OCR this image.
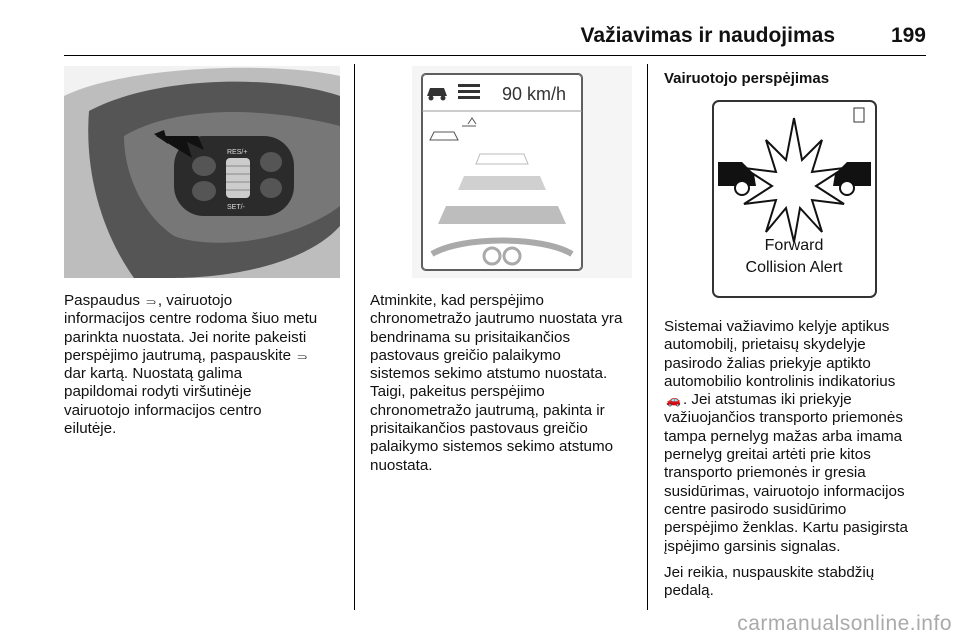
Važiavimas ir naudojimas	199
RES/+
SET/-
Paspaudus ⥰ , vairuotojo
informacijos centre rodoma šiuo metu
parinkta nuostata. Jei norite pakeisti
perspėjimo jautrumą, paspauskite ⥰
dar kartą. Nuostatą galima
papildomai rodyti viršutinėje
vairuotojo informacijos centro
eilutėje.
90 km/h
Atminkite, kad perspėjimo
chronometražo jautrumo nuostata yra
bendrinama su prisitaikančios
pastovaus greičio palaikymo
sistemos sekimo atstumo nuostata.
Taigi, pakeitus perspėjimo
chronometražo jautrumą, pakinta ir
prisitaikančios pastovaus greičio
palaikymo sistemos sekimo atstumo
nuostata.
Vairuotojo perspėjimas
Forward
Collision Alert
Sistemai važiavimo kelyje aptikus
automobilį, prietaisų skydelyje
pasirodo žalias priekyje aptikto
automobilio kontrolinis indikatorius
🚗 . Jei atstumas iki priekyje
važiuojančios transporto priemonės
tampa pernelyg mažas arba imama
pernelyg greitai artėti prie kitos
transporto priemonės ir gresia
susidūrimas, vairuotojo informacijos
centre pasirodo susidūrimo
perspėjimo ženklas. Kartu pasigirsta
įspėjimo garsinis signalas.
Jei reikia, nuspauskite stabdžių
pedalą.
carmanualsonline.info
